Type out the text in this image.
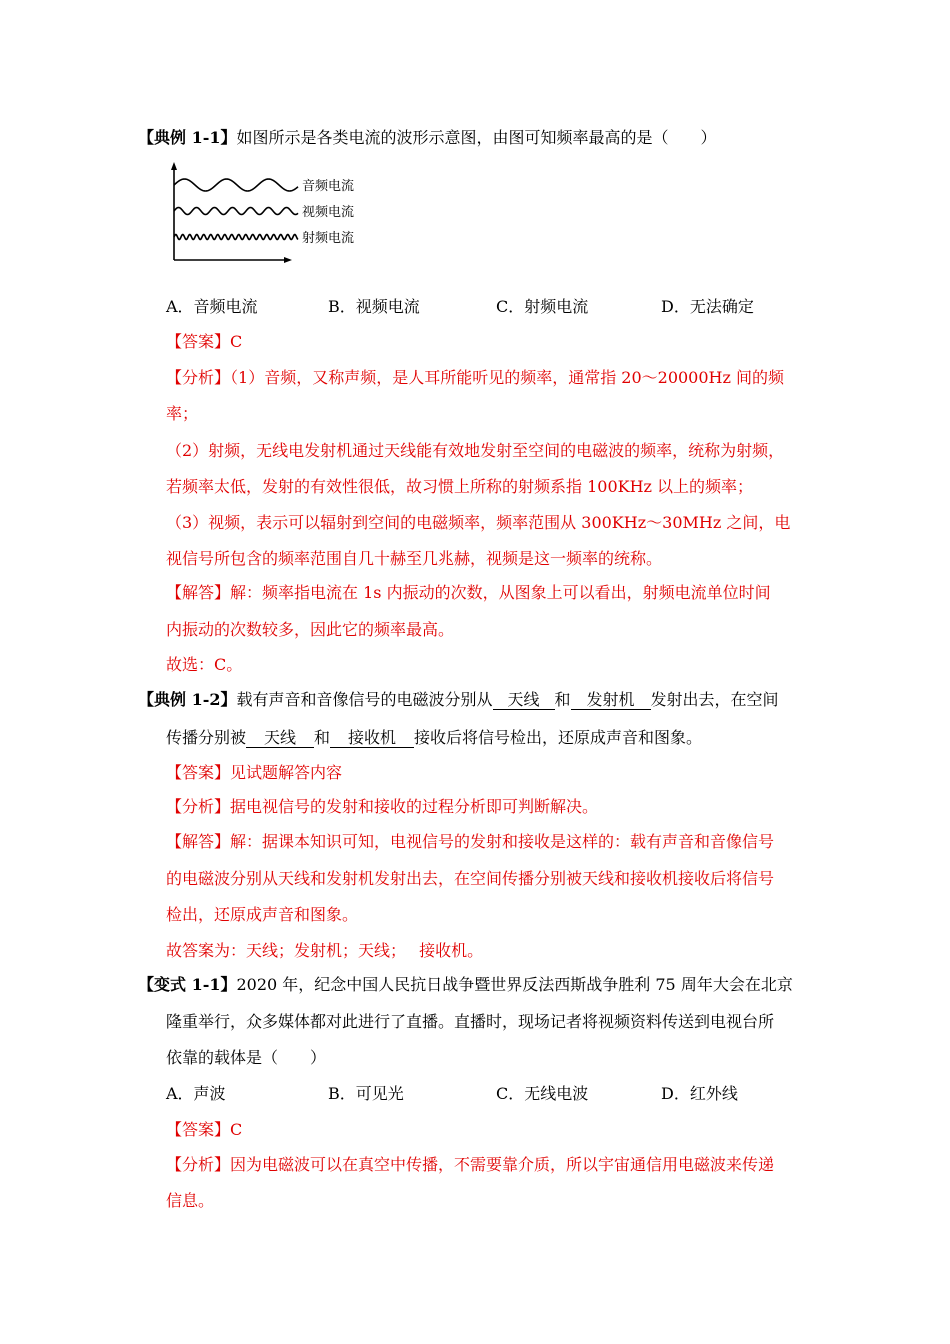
【典例 1-1】如图所示是各类电流的波形示意图，由图可知频率最高的是（　　）
音频电流
视频电流
射频电流
A．音频电流	B．视频电流	C．射频电流	D．无法确定
【答案】C
【分析】（1）音频，又称声频，是人耳所能听见的频率，通常指 20～20000Hz 间的频
率；
（2）射频，无线电发射机通过天线能有效地发射至空间的电磁波的频率，统称为射频，
若频率太低，发射的有效性很低，故习惯上所称的射频系指 100KHz 以上的频率；
（3）视频，表示可以辐射到空间的电磁频率，频率范围从 300KHz～30MHz 之间，电
视信号所包含的频率范围自几十赫至几兆赫，视频是这一频率的统称。
【解答】解：频率指电流在 1s 内振动的次数，从图象上可以看出，射频电流单位时间
内振动的次数较多，因此它的频率最高。
故选：C。
【典例 1-2】载有声音和音像信号的电磁波分别从 天线 和 发射机 发射出去，在空间
传播分别被 天线 和 接收机 接收后将信号检出，还原成声音和图象。
【答案】见试题解答内容
【分析】据电视信号的发射和接收的过程分析即可判断解决。
【解答】解：据课本知识可知，电视信号的发射和接收是这样的：载有声音和音像信号
的电磁波分别从天线和发射机发射出去，在空间传播分别被天线和接收机接收后将信号
检出，还原成声音和图象。
故答案为：天线；发射机；天线；　 接收机。
【变式 1-1】2020 年，纪念中国人民抗日战争暨世界反法西斯战争胜利 75 周年大会在北京
隆重举行，众多媒体都对此进行了直播。直播时，现场记者将视频资料传送到电视台所
依靠的载体是（　　）
A．声波	B．可见光	C．无线电波	D．红外线
【答案】C
【分析】因为电磁波可以在真空中传播，不需要靠介质，所以宇宙通信用电磁波来传递
信息。
